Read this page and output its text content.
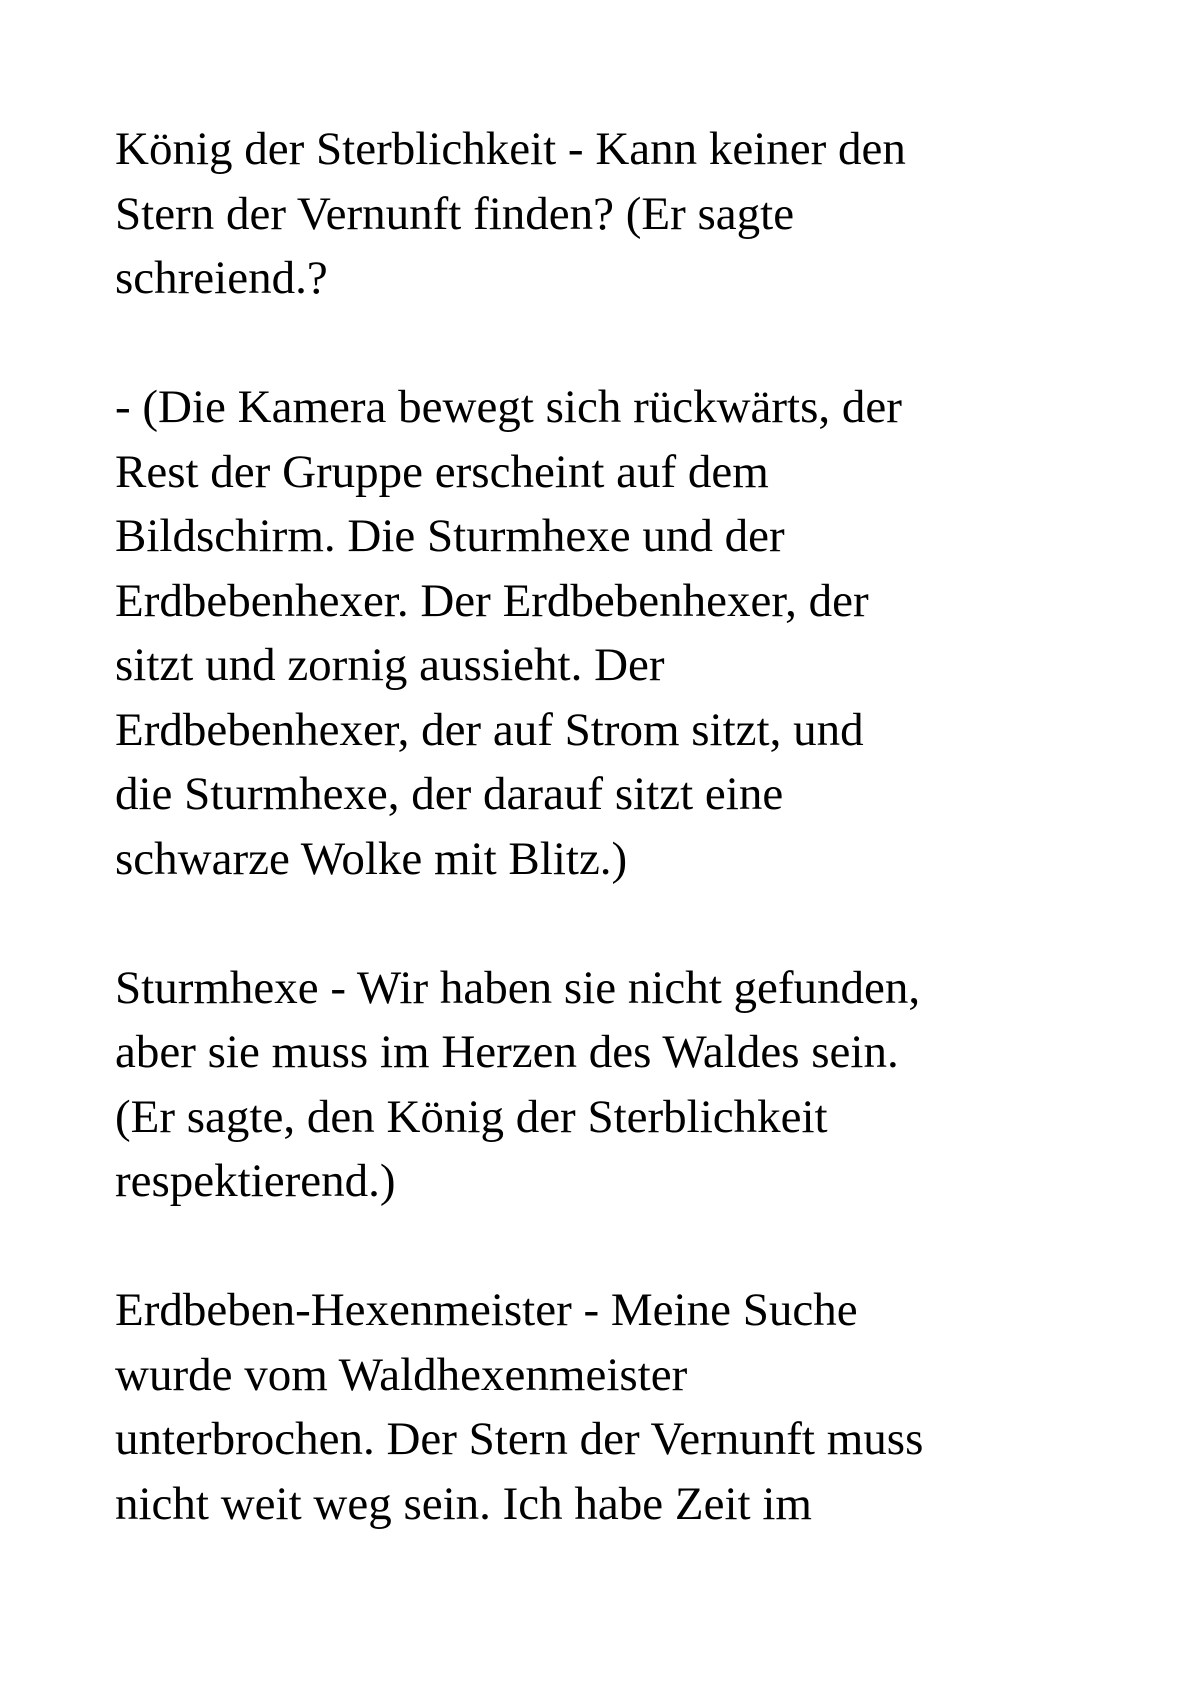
König der Sterblichkeit - Kann keiner den
Stern der Vernunft finden? (Er sagte
schreiend.?

- (Die Kamera bewegt sich rückwärts, der
Rest der Gruppe erscheint auf dem
Bildschirm. Die Sturmhexe und der
Erdbebenhexer. Der Erdbebenhexer, der
sitzt und zornig aussieht. Der
Erdbebenhexer, der auf Strom sitzt, und
die Sturmhexe, der darauf sitzt eine
schwarze Wolke mit Blitz.)

Sturmhexe - Wir haben sie nicht gefunden,
aber sie muss im Herzen des Waldes sein.
(Er sagte, den König der Sterblichkeit
respektierend.)

Erdbeben-Hexenmeister - Meine Suche
wurde vom Waldhexenmeister
unterbrochen. Der Stern der Vernunft muss
nicht weit weg sein. Ich habe Zeit im
